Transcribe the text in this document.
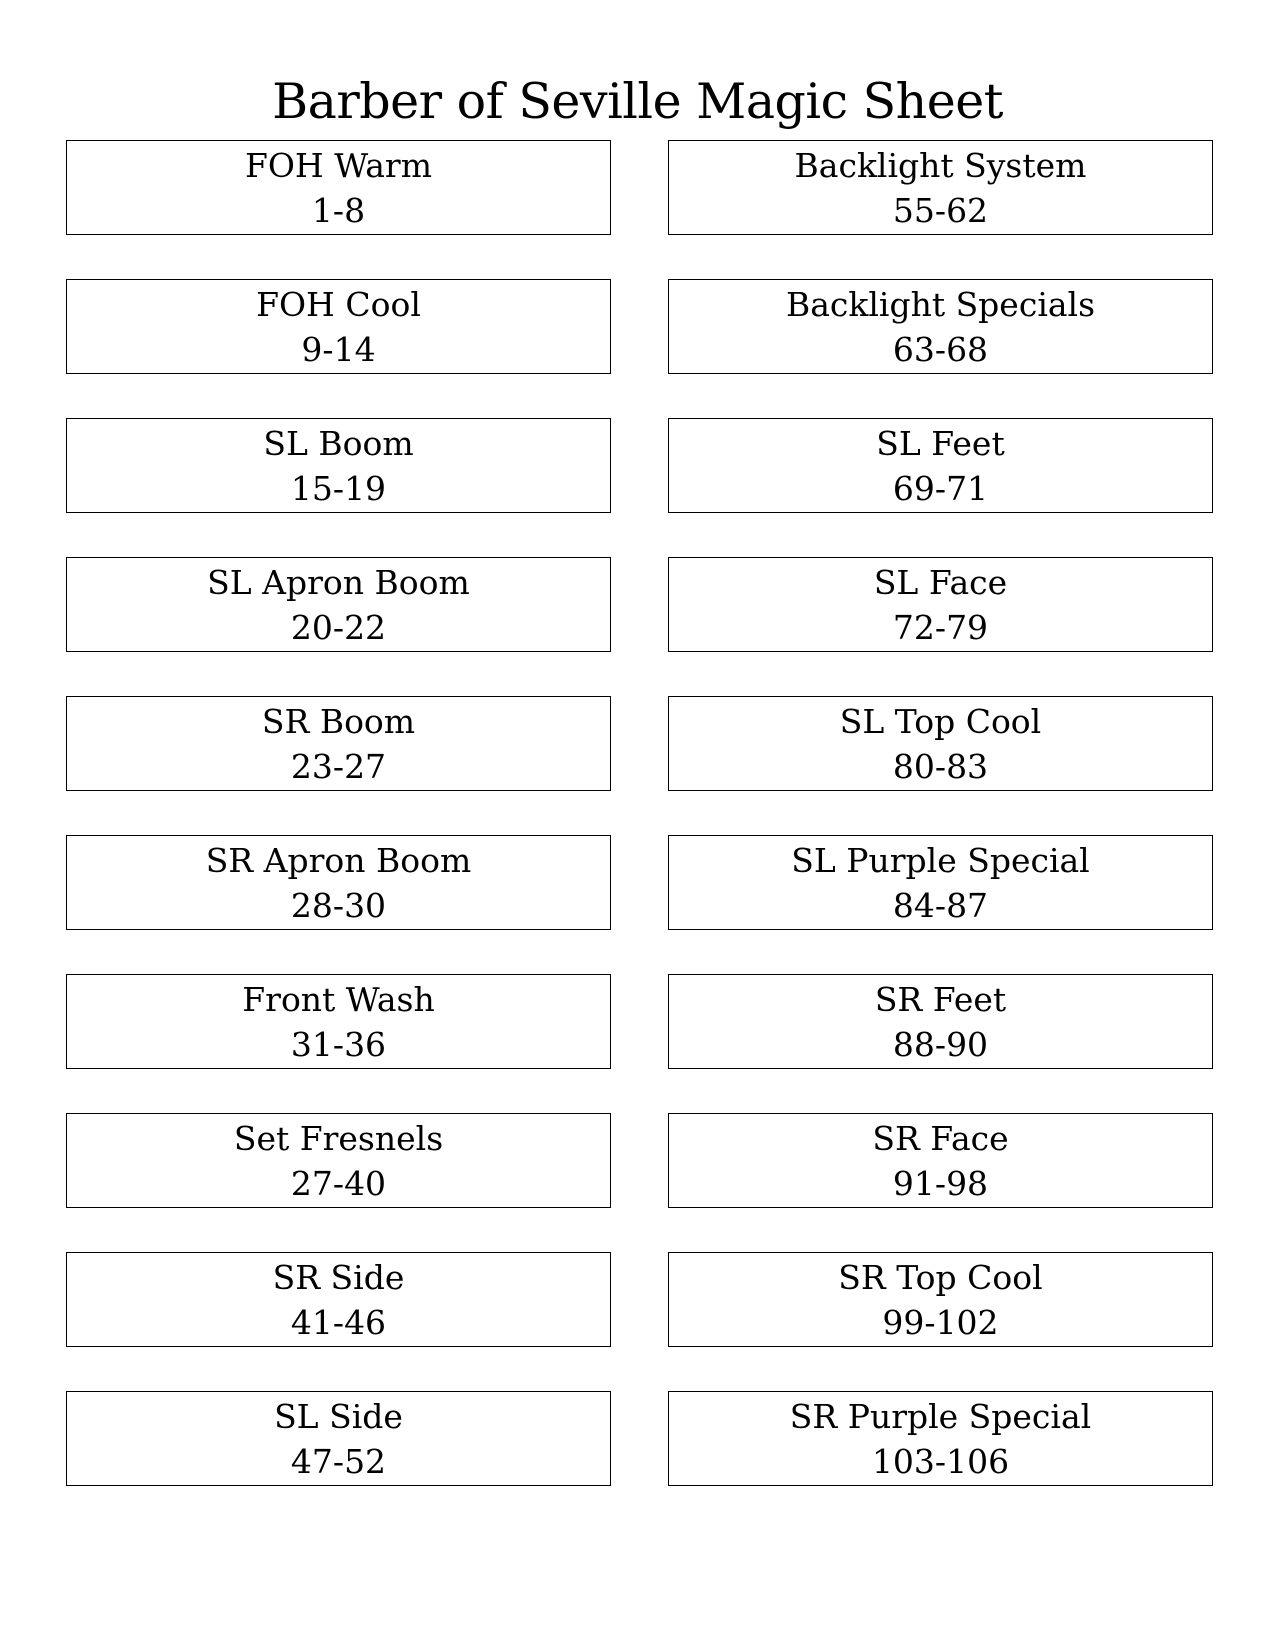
Barber of Seville Magic Sheet
FOH Warm
1-8
Backlight System
55-62
FOH Cool
9-14
Backlight Specials
63-68
SL Boom
15-19
SL Feet
69-71
SL Apron Boom
20-22
SL Face
72-79
SR Boom
23-27
SL Top Cool
80-83
SR Apron Boom
28-30
SL Purple Special
84-87
Front Wash
31-36
SR Feet
88-90
Set Fresnels
27-40
SR Face
91-98
SR Side
41-46
SR Top Cool
99-102
SL Side
47-52
SR Purple Special
103-106
